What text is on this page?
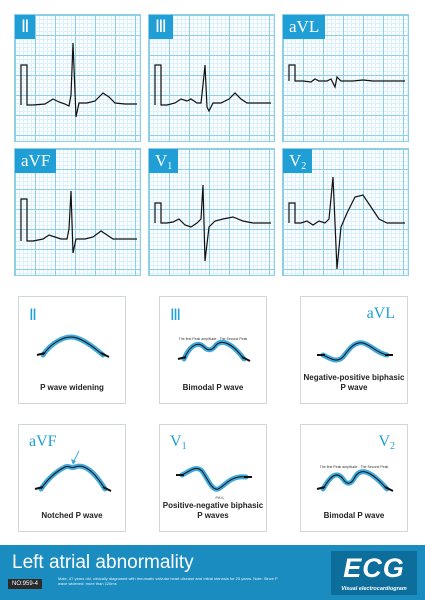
Ⅱ	Ⅲ	aVL
aVF	$V_1$	$V_2$
Ⅱ
P wave widening
Ⅲ
The first Peak amplitude - The Second Peak
Bimodal P wave
aVL
Negative-positive biphasic P wave
aVF
Notched P wave
$V_1$
Ptf-V₁
Positive-negative biphasic P waves
$V_2$
The first Peak amplitude - The Second Peak
Bimodal P wave
Left atrial abnormality
NO:959-4
Male, 47 years old, clinically diagnosed with rheumatic valvular heart disease and mitral stenosis for 25 years. Note: Since P wave widened: more than 120ms
ECG
Visual electrocardiogram
